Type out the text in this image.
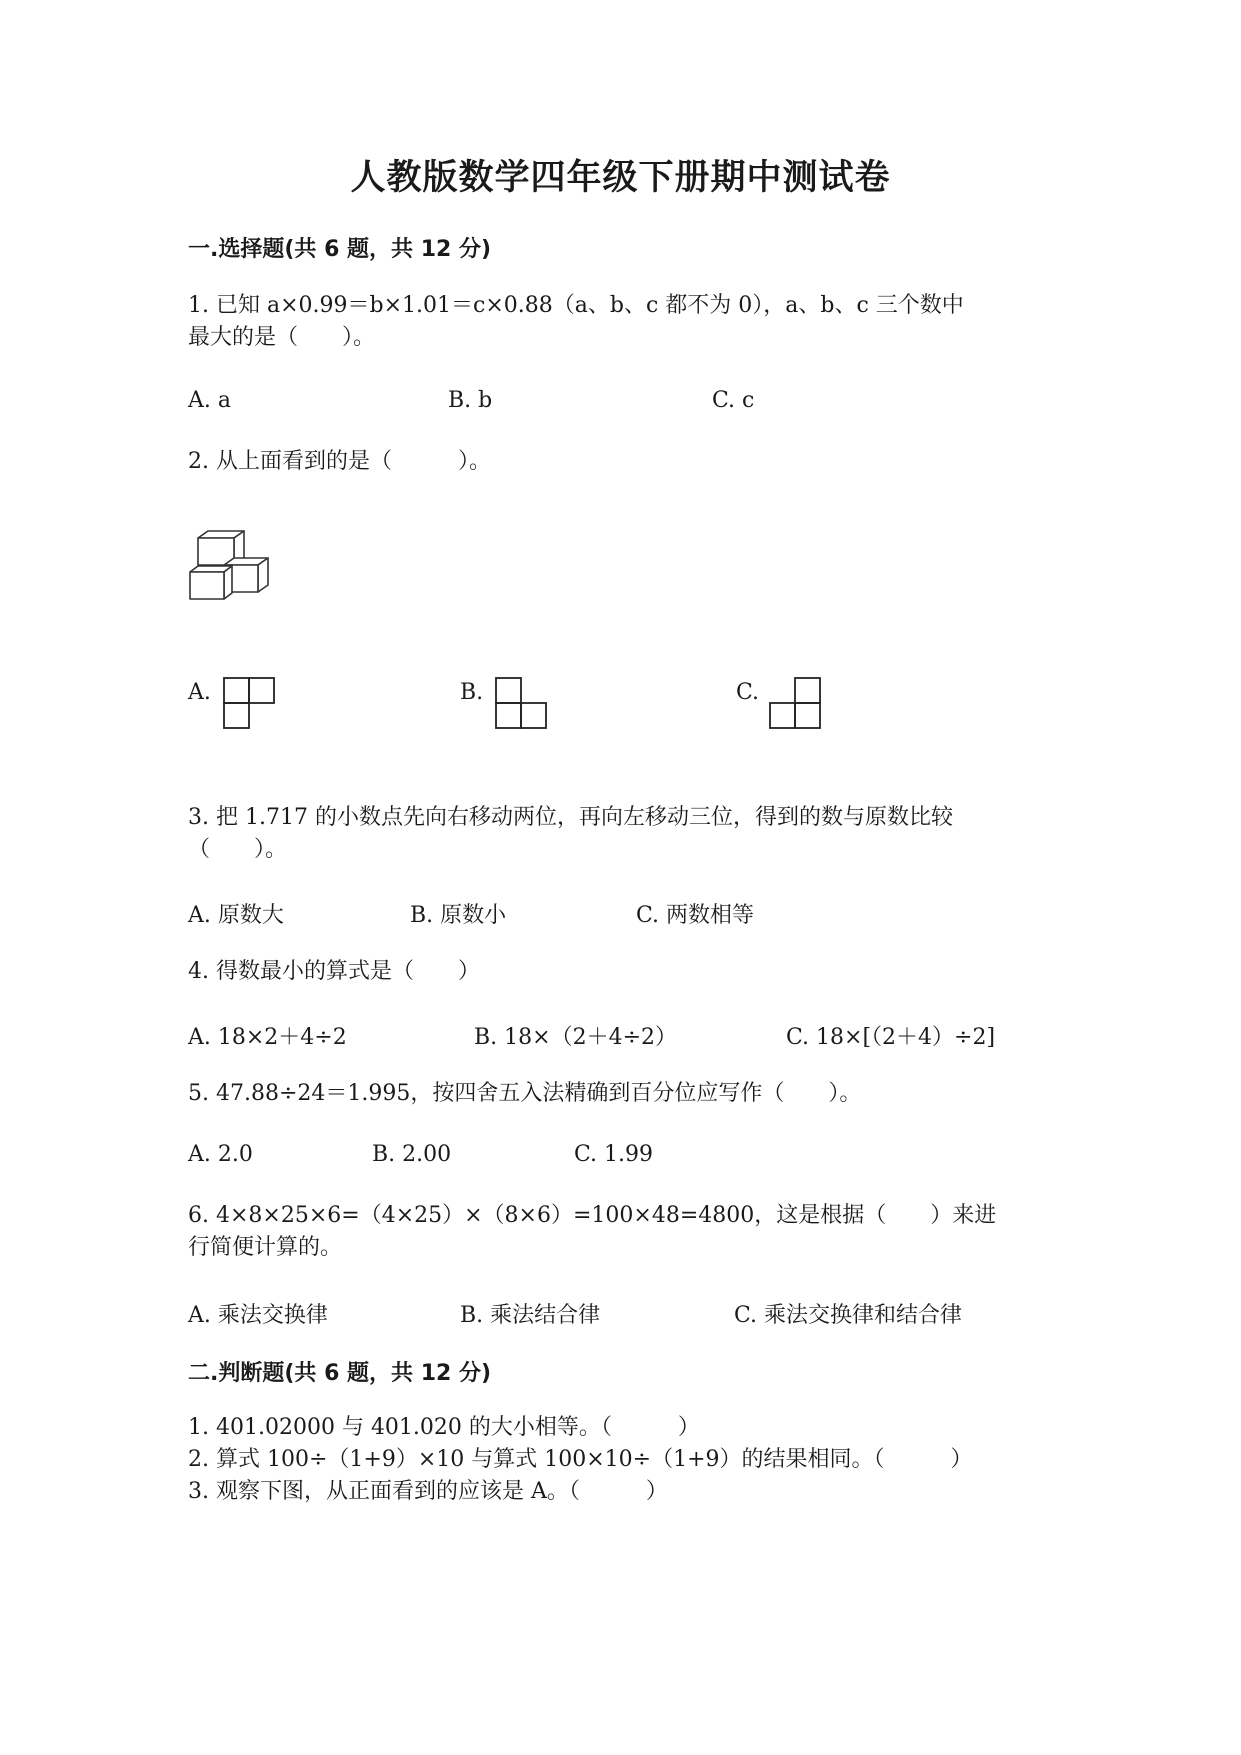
人教版数学四年级下册期中测试卷
一.选择题(共 6 题，共 12 分)
1. 已知 a×0.99＝b×1.01＝c×0.88（a、b、c 都不为 0），a、b、c 三个数中
最大的是（　　）。
A. a	B. b	C. c
2. 从上面看到的是（　　　）。
A.	B.	C.
3. 把 1.717 的小数点先向右移动两位，再向左移动三位，得到的数与原数比较
（　　）。
A. 原数大	B. 原数小	C. 两数相等
4. 得数最小的算式是（　　）
A. 18×2＋4÷2	B. 18×（2＋4÷2）	C. 18×[（2＋4）÷2]
5. 47.88÷24＝1.995，按四舍五入法精确到百分位应写作（　　）。
A. 2.0	B. 2.00	C. 1.99
6. 4×8×25×6=（4×25）×（8×6）=100×48=4800，这是根据（　　）来进
行简便计算的。
A. 乘法交换律	B. 乘法结合律	C. 乘法交换律和结合律
二.判断题(共 6 题，共 12 分)
1. 401.02000 与 401.020 的大小相等。（　　　）
2. 算式 100÷（1+9）×10 与算式 100×10÷（1+9）的结果相同。（　　　）
3. 观察下图，从正面看到的应该是 A。（　　　）
